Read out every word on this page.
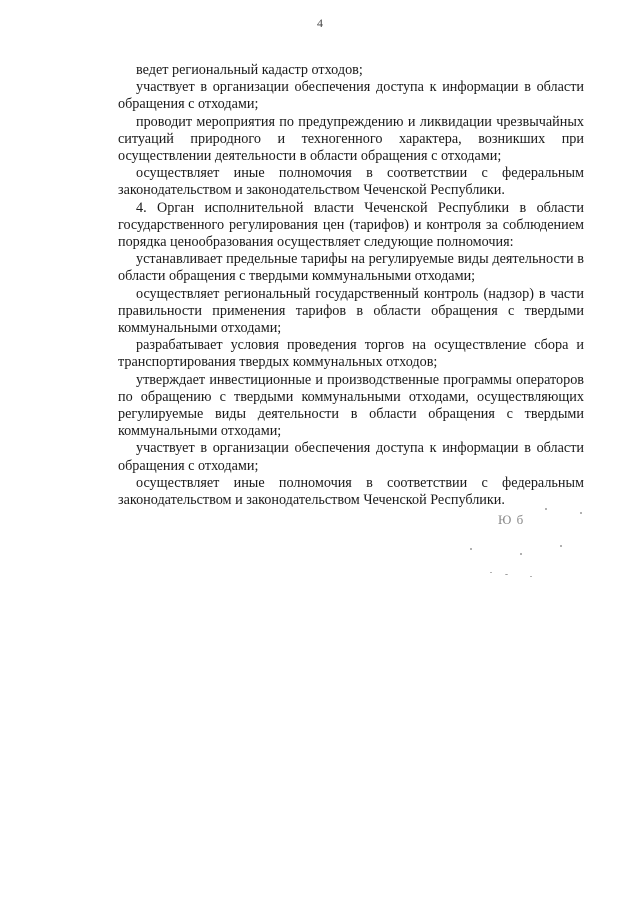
4

ведет региональный кадастр отходов;

участвует в организации обеспечения доступа к информации в области обращения с отходами;

проводит мероприятия по предупреждению и ликвидации чрезвычайных ситуаций природного и техногенного характера, возникших при осуществлении деятельности в области обращения с отходами;

осуществляет иные полномочия в соответствии с федеральным законодательством и законодательством Чеченской Республики.

4. Орган исполнительной власти Чеченской Республики в области государственного регулирования цен (тарифов) и контроля за соблюдением порядка ценообразования осуществляет следующие полномочия:

устанавливает предельные тарифы на регулируемые виды деятельности в области обращения с твердыми коммунальными отходами;

осуществляет региональный государственный контроль (надзор) в части правильности применения тарифов в области обращения с твердыми коммунальными отходами;

разрабатывает условия проведения торгов на осуществление сбора и транспортирования твердых коммунальных отходов;

утверждает инвестиционные и производственные программы операторов по обращению с твердыми коммунальными отходами, осуществляющих регулируемые виды деятельности в области обращения с твердыми коммунальными отходами;

участвует в организации обеспечения доступа к информации в области обращения с отходами;

осуществляет иные полномочия в соответствии с федеральным законодательством и законодательством Чеченской Республики.

Ю б
